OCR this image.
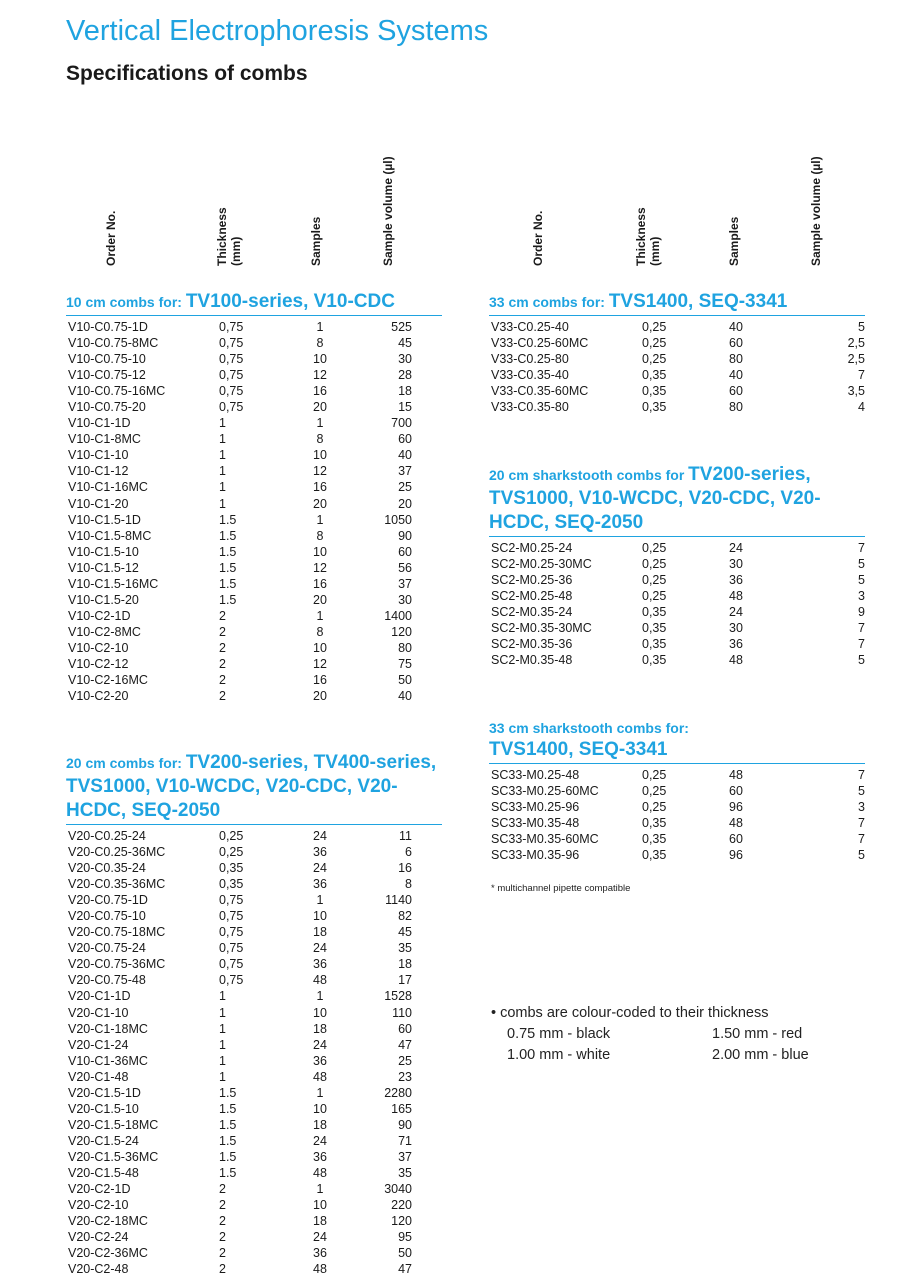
Vertical Electrophoresis Systems
Specifications of combs
Order No.	Thickness (mm)	Samples	Sample volume (µl)	Order No.	Thickness (mm)	Samples	Sample volume (µl)
10 cm combs for: TV100-series, V10-CDC
V10-C0.75-1D	0,75	1	525
V10-C0.75-8MC	0,75	8	45
V10-C0.75-10	0,75	10	30
V10-C0.75-12	0,75	12	28
V10-C0.75-16MC	0,75	16	18
V10-C0.75-20	0,75	20	15
V10-C1-1D	1	1	700
V10-C1-8MC	1	8	60
V10-C1-10	1	10	40
V10-C1-12	1	12	37
V10-C1-16MC	1	16	25
V10-C1-20	1	20	20
V10-C1.5-1D	1.5	1	1050
V10-C1.5-8MC	1.5	8	90
V10-C1.5-10	1.5	10	60
V10-C1.5-12	1.5	12	56
V10-C1.5-16MC	1.5	16	37
V10-C1.5-20	1.5	20	30
V10-C2-1D	2	1	1400
V10-C2-8MC	2	8	120
V10-C2-10	2	10	80
V10-C2-12	2	12	75
V10-C2-16MC	2	16	50
V10-C2-20	2	20	40
20 cm combs for: TV200-series, TV400-series, TVS1000, V10-WCDC, V20-CDC, V20-HCDC, SEQ-2050
V20-C0.25-24	0,25	24	11
V20-C0.25-36MC	0,25	36	6
V20-C0.35-24	0,35	24	16
V20-C0.35-36MC	0,35	36	8
V20-C0.75-1D	0,75	1	1140
V20-C0.75-10	0,75	10	82
V20-C0.75-18MC	0,75	18	45
V20-C0.75-24	0,75	24	35
V20-C0.75-36MC	0,75	36	18
V20-C0.75-48	0,75	48	17
V20-C1-1D	1	1	1528
V20-C1-10	1	10	110
V20-C1-18MC	1	18	60
V20-C1-24	1	24	47
V10-C1-36MC	1	36	25
V20-C1-48	1	48	23
V20-C1.5-1D	1.5	1	2280
V20-C1.5-10	1.5	10	165
V20-C1.5-18MC	1.5	18	90
V20-C1.5-24	1.5	24	71
V20-C1.5-36MC	1.5	36	37
V20-C1.5-48	1.5	48	35
V20-C2-1D	2	1	3040
V20-C2-10	2	10	220
V20-C2-18MC	2	18	120
V20-C2-24	2	24	95
V20-C2-36MC	2	36	50
V20-C2-48	2	48	47
33 cm combs for: TVS1400, SEQ-3341
V33-C0.25-40	0,25	40	5
V33-C0.25-60MC	0,25	60	2,5
V33-C0.25-80	0,25	80	2,5
V33-C0.35-40	0,35	40	7
V33-C0.35-60MC	0,35	60	3,5
V33-C0.35-80	0,35	80	4
20 cm sharkstooth combs for TV200-series, TVS1000, V10-WCDC, V20-CDC, V20-HCDC, SEQ-2050
SC2-M0.25-24	0,25	24	7
SC2-M0.25-30MC	0,25	30	5
SC2-M0.25-36	0,25	36	5
SC2-M0.25-48	0,25	48	3
SC2-M0.35-24	0,35	24	9
SC2-M0.35-30MC	0,35	30	7
SC2-M0.35-36	0,35	36	7
SC2-M0.35-48	0,35	48	5
33 cm sharkstooth combs for:
TVS1400, SEQ-3341
SC33-M0.25-48	0,25	48	7
SC33-M0.25-60MC	0,25	60	5
SC33-M0.25-96	0,25	96	3
SC33-M0.35-48	0,35	48	7
SC33-M0.35-60MC	0,35	60	7
SC33-M0.35-96	0,35	96	5
* multichannel pipette compatible
• combs are colour-coded to their thickness
0.75 mm - black	1.50 mm - red
1.00 mm - white	2.00 mm - blue
